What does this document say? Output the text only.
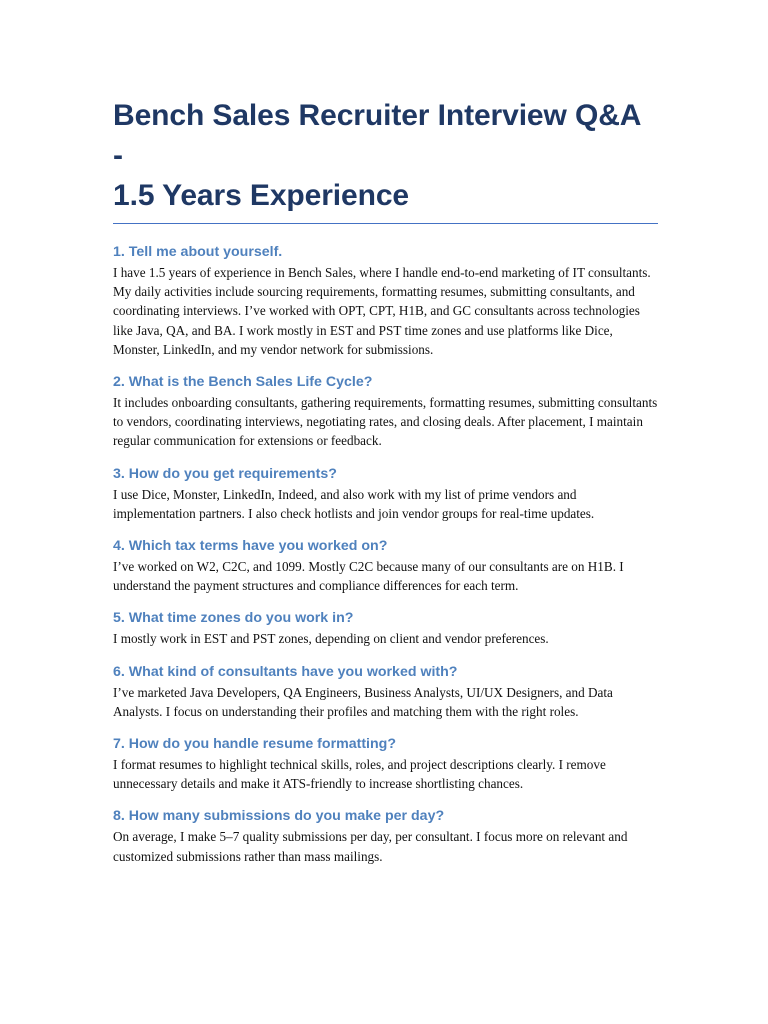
Bench Sales Recruiter Interview Q&A -
1.5 Years Experience
1. Tell me about yourself.

I have 1.5 years of experience in Bench Sales, where I handle end-to-end marketing of IT consultants. My daily activities include sourcing requirements, formatting resumes, submitting consultants, and coordinating interviews. I’ve worked with OPT, CPT, H1B, and GC consultants across technologies like Java, QA, and BA. I work mostly in EST and PST time zones and use platforms like Dice, Monster, LinkedIn, and my vendor network for submissions.

2. What is the Bench Sales Life Cycle?

It includes onboarding consultants, gathering requirements, formatting resumes, submitting consultants to vendors, coordinating interviews, negotiating rates, and closing deals. After placement, I maintain regular communication for extensions or feedback.

3. How do you get requirements?

I use Dice, Monster, LinkedIn, Indeed, and also work with my list of prime vendors and implementation partners. I also check hotlists and join vendor groups for real-time updates.

4. Which tax terms have you worked on?

I’ve worked on W2, C2C, and 1099. Mostly C2C because many of our consultants are on H1B. I understand the payment structures and compliance differences for each term.

5. What time zones do you work in?

I mostly work in EST and PST zones, depending on client and vendor preferences.

6. What kind of consultants have you worked with?

I’ve marketed Java Developers, QA Engineers, Business Analysts, UI/UX Designers, and Data Analysts. I focus on understanding their profiles and matching them with the right roles.

7. How do you handle resume formatting?

I format resumes to highlight technical skills, roles, and project descriptions clearly. I remove unnecessary details and make it ATS-friendly to increase shortlisting chances.

8. How many submissions do you make per day?

On average, I make 5–7 quality submissions per day, per consultant. I focus more on relevant and customized submissions rather than mass mailings.
